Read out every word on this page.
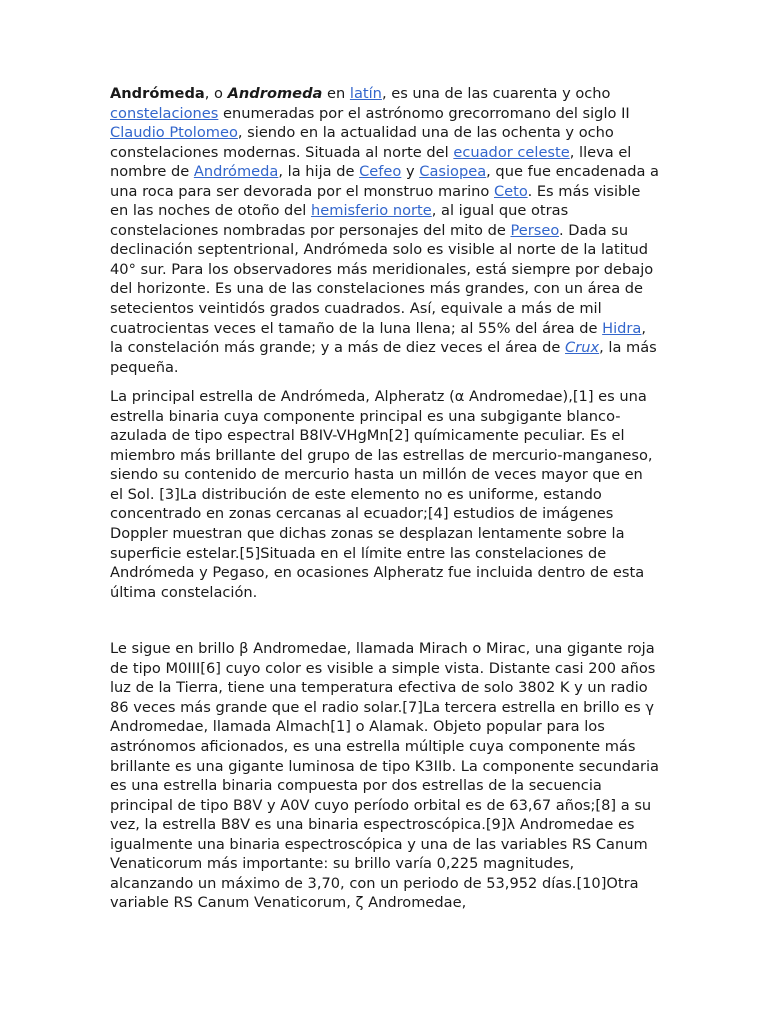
Andrómeda, o Andromeda en latín, es una de las cuarenta y ocho constelaciones enumeradas por el astrónomo grecorromano del siglo II Claudio Ptolomeo, siendo en la actualidad una de las ochenta y ocho constelaciones modernas. Situada al norte del ecuador celeste, lleva el nombre de Andrómeda, la hija de Cefeo y Casiopea, que fue encadenada a una roca para ser devorada por el monstruo marino Ceto. Es más visible en las noches de otoño del hemisferio norte, al igual que otras constelaciones nombradas por personajes del mito de Perseo. Dada su declinación septentrional, Andrómeda solo es visible al norte de la latitud 40° sur. Para los observadores más meridionales, está siempre por debajo del horizonte. Es una de las constelaciones más grandes, con un área de setecientos veintidós grados cuadrados. Así, equivale a más de mil cuatrocientas veces el tamaño de la luna llena; al 55% del área de Hidra, la constelación más grande; y a más de diez veces el área de Crux, la más pequeña.

La principal estrella de Andrómeda, Alpheratz (α Andromedae),[1] es una estrella binaria cuya componente principal es una subgigante blanco-azulada de tipo espectral B8IV-VHgMn[2] químicamente peculiar. Es el miembro más brillante del grupo de las estrellas de mercurio-manganeso, siendo su contenido de mercurio hasta un millón de veces mayor que en el Sol. [3]La distribución de este elemento no es uniforme, estando concentrado en zonas cercanas al ecuador;[4] estudios de imágenes Doppler muestran que dichas zonas se desplazan lentamente sobre la superficie estelar.[5]Situada en el límite entre las constelaciones de Andrómeda y Pegaso, en ocasiones Alpheratz fue incluida dentro de esta última constelación.

Le sigue en brillo β Andromedae, llamada Mirach o Mirac, una gigante roja de tipo M0III[6] cuyo color es visible a simple vista. Distante casi 200 años luz de la Tierra, tiene una temperatura efectiva de solo 3802 K y un radio 86 veces más grande que el radio solar.[7]La tercera estrella en brillo es γ Andromedae, llamada Almach[1] o Alamak. Objeto popular para los astrónomos aficionados, es una estrella múltiple cuya componente más brillante es una gigante luminosa de tipo K3IIb. La componente secundaria es una estrella binaria compuesta por dos estrellas de la secuencia principal de tipo B8V y A0V cuyo período orbital es de 63,67 años;[8] a su vez, la estrella B8V es una binaria espectroscópica.[9]λ Andromedae es igualmente una binaria espectroscópica y una de las variables RS Canum Venaticorum más importante: su brillo varía 0,225 magnitudes, alcanzando un máximo de 3,70, con un periodo de 53,952 días.[10]Otra variable RS Canum Venaticorum, ζ Andromedae,
